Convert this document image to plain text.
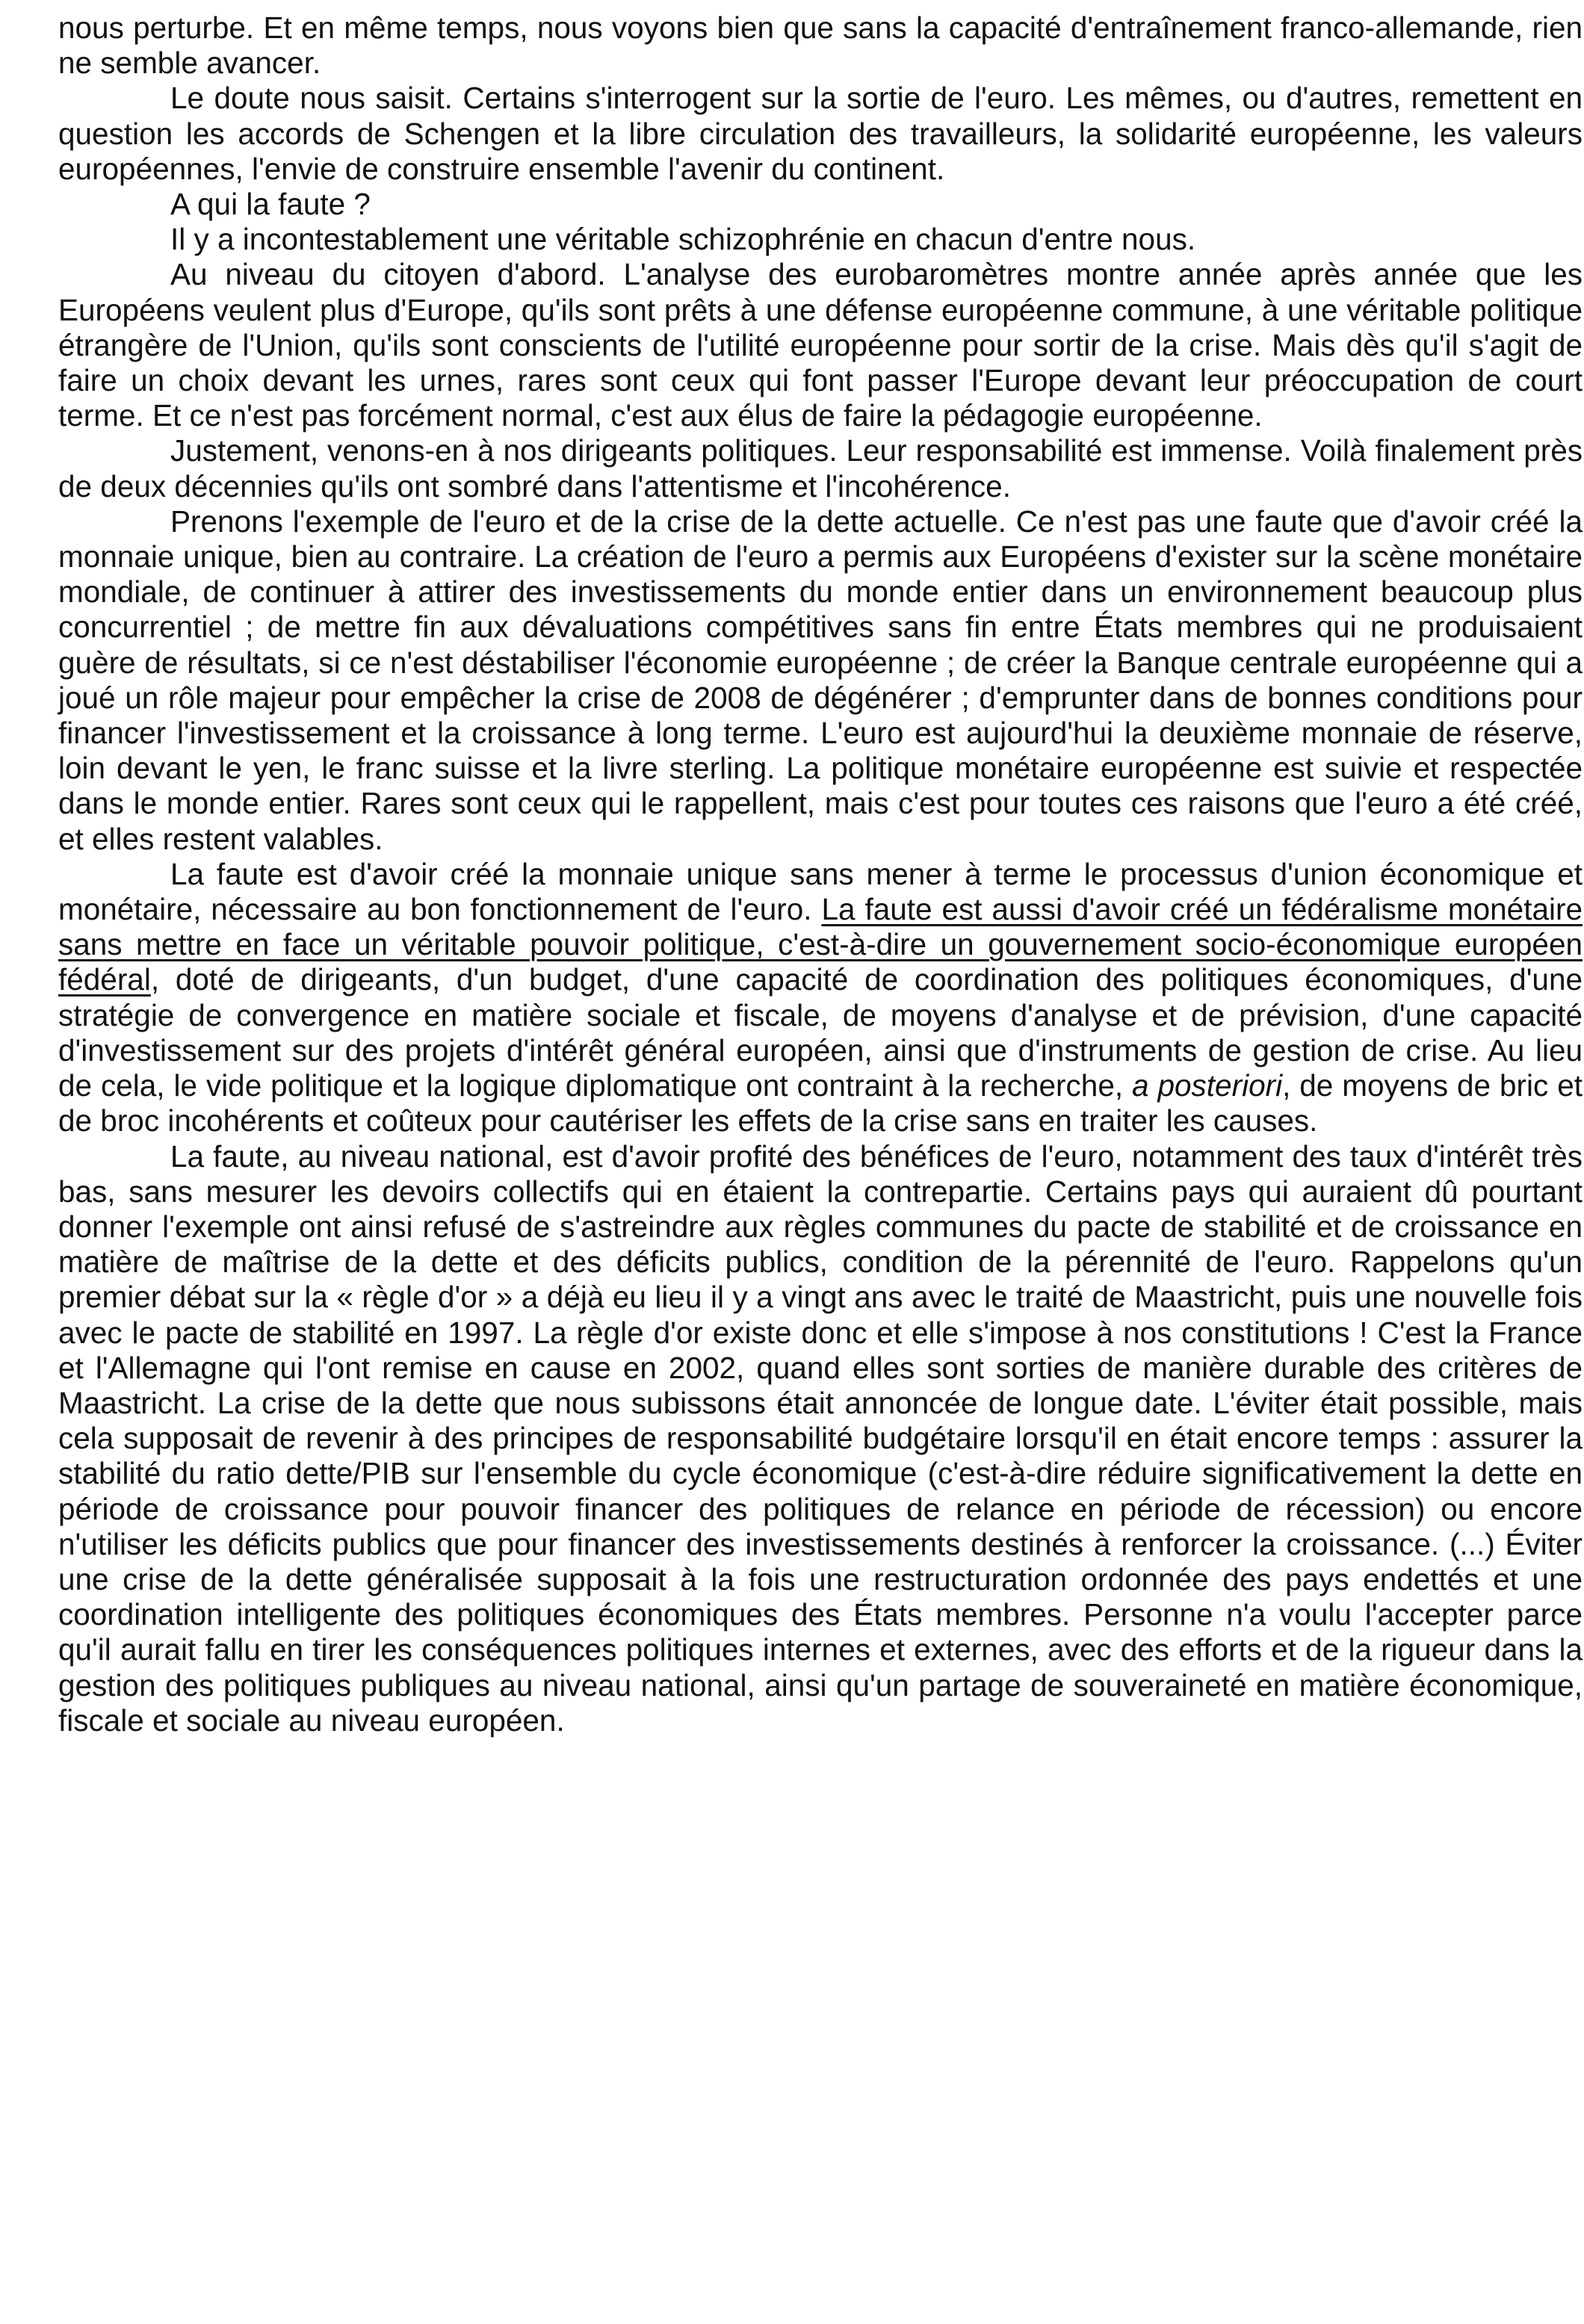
nous perturbe. Et en même temps, nous voyons bien que sans la capacité d'entraînement franco-allemande, rien ne semble avancer.

Le doute nous saisit. Certains s'interrogent sur la sortie de l'euro. Les mêmes, ou d'autres, remettent en question les accords de Schengen et la libre circulation des travailleurs, la solidarité européenne, les valeurs européennes, l'envie de construire ensemble l'avenir du continent.

A qui la faute ?

Il y a incontestablement une véritable schizophrénie en chacun d'entre nous.

Au niveau du citoyen d'abord. L'analyse des eurobaromètres montre année après année que les Européens veulent plus d'Europe, qu'ils sont prêts à une défense européenne commune, à une véritable politique étrangère de l'Union, qu'ils sont conscients de l'utilité européenne pour sortir de la crise. Mais dès qu'il s'agit de faire un choix devant les urnes, rares sont ceux qui font passer l'Europe devant leur préoccupation de court terme. Et ce n'est pas forcément normal, c'est aux élus de faire la pédagogie européenne.

Justement, venons-en à nos dirigeants politiques. Leur responsabilité est immense. Voilà finalement près de deux décennies qu'ils ont sombré dans l'attentisme et l'incohérence.

Prenons l'exemple de l'euro et de la crise de la dette actuelle. Ce n'est pas une faute que d'avoir créé la monnaie unique, bien au contraire. La création de l'euro a permis aux Européens d'exister sur la scène monétaire mondiale, de continuer à attirer des investissements du monde entier dans un environnement beaucoup plus concurrentiel ; de mettre fin aux dévaluations compétitives sans fin entre États membres qui ne produisaient guère de résultats, si ce n'est déstabiliser l'économie européenne ; de créer la Banque centrale européenne qui a joué un rôle majeur pour empêcher la crise de 2008 de dégénérer ; d'emprunter dans de bonnes conditions pour financer l'investissement et la croissance à long terme. L'euro est aujourd'hui la deuxième monnaie de réserve, loin devant le yen, le franc suisse et la livre sterling. La politique monétaire européenne est suivie et respectée dans le monde entier. Rares sont ceux qui le rappellent, mais c'est pour toutes ces raisons que l'euro a été créé, et elles restent valables.

La faute est d'avoir créé la monnaie unique sans mener à terme le processus d'union économique et monétaire, nécessaire au bon fonctionnement de l'euro. La faute est aussi d'avoir créé un fédéralisme monétaire sans mettre en face un véritable pouvoir politique, c'est-à-dire un gouvernement socio-économique européen fédéral, doté de dirigeants, d'un budget, d'une capacité de coordination des politiques économiques, d'une stratégie de convergence en matière sociale et fiscale, de moyens d'analyse et de prévision, d'une capacité d'investissement sur des projets d'intérêt général européen, ainsi que d'instruments de gestion de crise. Au lieu de cela, le vide politique et la logique diplomatique ont contraint à la recherche, a posteriori, de moyens de bric et de broc incohérents et coûteux pour cautériser les effets de la crise sans en traiter les causes.

La faute, au niveau national, est d'avoir profité des bénéfices de l'euro, notamment des taux d'intérêt très bas, sans mesurer les devoirs collectifs qui en étaient la contrepartie. Certains pays qui auraient dû pourtant donner l'exemple ont ainsi refusé de s'astreindre aux règles communes du pacte de stabilité et de croissance en matière de maîtrise de la dette et des déficits publics, condition de la pérennité de l'euro. Rappelons qu'un premier débat sur la « règle d'or » a déjà eu lieu il y a vingt ans avec le traité de Maastricht, puis une nouvelle fois avec le pacte de stabilité en 1997. La règle d'or existe donc et elle s'impose à nos constitutions ! C'est la France et l'Allemagne qui l'ont remise en cause en 2002, quand elles sont sorties de manière durable des critères de Maastricht. La crise de la dette que nous subissons était annoncée de longue date. L'éviter était possible, mais cela supposait de revenir à des principes de responsabilité budgétaire lorsqu'il en était encore temps : assurer la stabilité du ratio dette/PIB sur l'ensemble du cycle économique (c'est-à-dire réduire significativement la dette en période de croissance pour pouvoir financer des politiques de relance en période de récession) ou encore n'utiliser les déficits publics que pour financer des investissements destinés à renforcer la croissance. (...) Éviter une crise de la dette généralisée supposait à la fois une restructuration ordonnée des pays endettés et une coordination intelligente des politiques économiques des États membres. Personne n'a voulu l'accepter parce qu'il aurait fallu en tirer les conséquences politiques internes et externes, avec des efforts et de la rigueur dans la gestion des politiques publiques au niveau national, ainsi qu'un partage de souveraineté en matière économique, fiscale et sociale au niveau européen.
